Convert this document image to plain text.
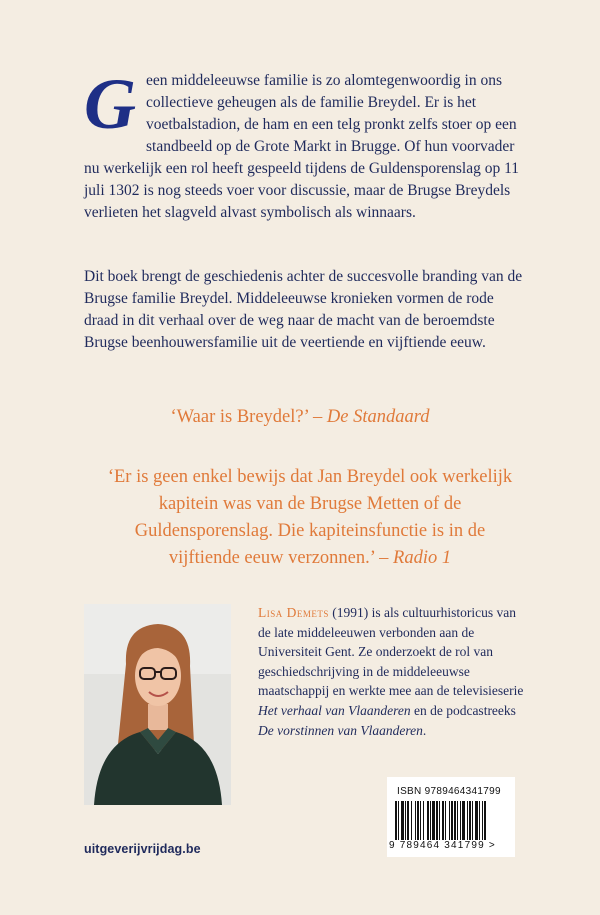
Geen middeleeuwse familie is zo alomtegenwoordig in ons collectieve geheugen als de familie Breydel. Er is het voetbalstadion, de ham en een telg pronkt zelfs stoer op een standbeeld op de Grote Markt in Brugge. Of hun voorvader nu werkelijk een rol heeft gespeeld tijdens de Guldensporenslag op 11 juli 1302 is nog steeds voer voor discussie, maar de Brugse Breydels verlieten het slagveld alvast symbolisch als winnaars.

Dit boek brengt de geschiedenis achter de succesvolle branding van de Brugse familie Breydel. Middeleeuwse kronieken vormen de rode draad in dit verhaal over de weg naar de macht van de beroemdste Brugse beenhouwersfamilie uit de veertiende en vijftiende eeuw.

‘Waar is Breydel?’ – De Standaard

‘Er is geen enkel bewijs dat Jan Breydel ook werkelijk kapitein was van de Brugse Metten of de Guldensporenslag. Die kapiteinsfunctie is in de vijftiende eeuw verzonnen.’ – Radio 1

Lisa Demets (1991) is als cultuurhistoricus van de late middeleeuwen verbonden aan de Universiteit Gent. Ze onderzoekt de rol van geschiedschrijving in de middeleeuwse maatschappij en werkte mee aan de televisieserie Het verhaal van Vlaanderen en de podcastreeks De vorstinnen van Vlaanderen.

uitgeverijvrijdag.be
ISBN 9789464341799
9 789464 341799 >
